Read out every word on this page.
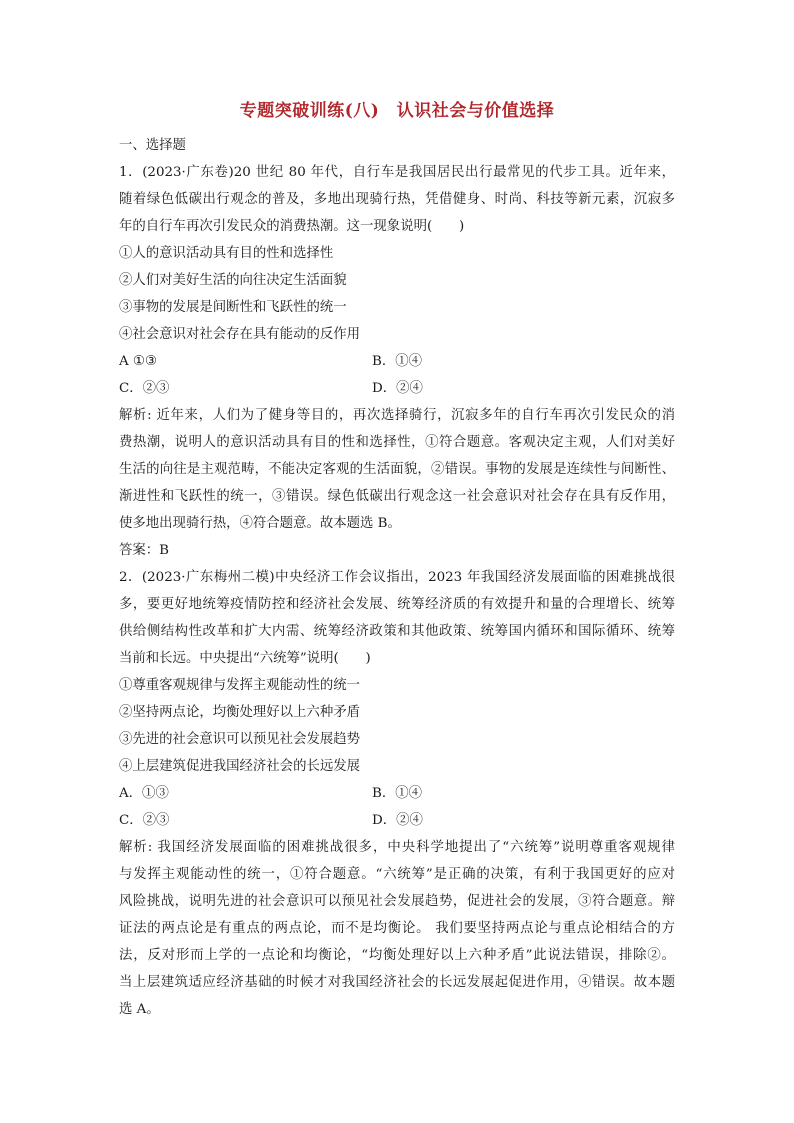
专题突破训练(八)　认识社会与价值选择
一、选择题
1．(2023·广东卷)20 世纪 80 年代，自行车是我国居民出行最常见的代步工具。近年来，
随着绿色低碳出行观念的普及，多地出现骑行热，凭借健身、时尚、科技等新元素，沉寂多
年的自行车再次引发民众的消费热潮。这一现象说明(　　)
①人的意识活动具有目的性和选择性
②人们对美好生活的向往决定生活面貌
③事物的发展是间断性和飞跃性的统一
④社会意识对社会存在具有能动的反作用
A ①③	B．①④
C．②③	D．②④
解析: 近年来，人们为了健身等目的，再次选择骑行，沉寂多年的自行车再次引发民众的消
费热潮，说明人的意识活动具有目的性和选择性，①符合题意。客观决定主观，人们对美好
生活的向往是主观范畴，不能决定客观的生活面貌，②错误。事物的发展是连续性与间断性、
渐进性和飞跃性的统一，③错误。绿色低碳出行观念这一社会意识对社会存在具有反作用，
使多地出现骑行热，④符合题意。故本题选 B。
答案：B
2．(2023·广东梅州二模)中央经济工作会议指出，2023 年我国经济发展面临的困难挑战很
多，要更好地统筹疫情防控和经济社会发展、统筹经济质的有效提升和量的合理增长、统筹
供给侧结构性改革和扩大内需、统筹经济政策和其他政策、统筹国内循环和国际循环、统筹
当前和长远。中央提出“六统筹”说明(　　)
①尊重客观规律与发挥主观能动性的统一
②坚持两点论，均衡处理好以上六种矛盾
③先进的社会意识可以预见社会发展趋势
④上层建筑促进我国经济社会的长远发展
A．①③	B．①④
C．②③	D．②④
解析: 我国经济发展面临的困难挑战很多，中央科学地提出了“六统筹”说明尊重客观规律
与发挥主观能动性的统一，①符合题意。“六统筹”是正确的决策，有利于我国更好的应对
风险挑战，说明先进的社会意识可以预见社会发展趋势，促进社会的发展，③符合题意。辩
证法的两点论是有重点的两点论，而不是均衡论。 我们要坚持两点论与重点论相结合的方
法，反对形而上学的一点论和均衡论，“均衡处理好以上六种矛盾”此说法错误，排除②。
当上层建筑适应经济基础的时候才对我国经济社会的长远发展起促进作用，④错误。故本题
选 A。
